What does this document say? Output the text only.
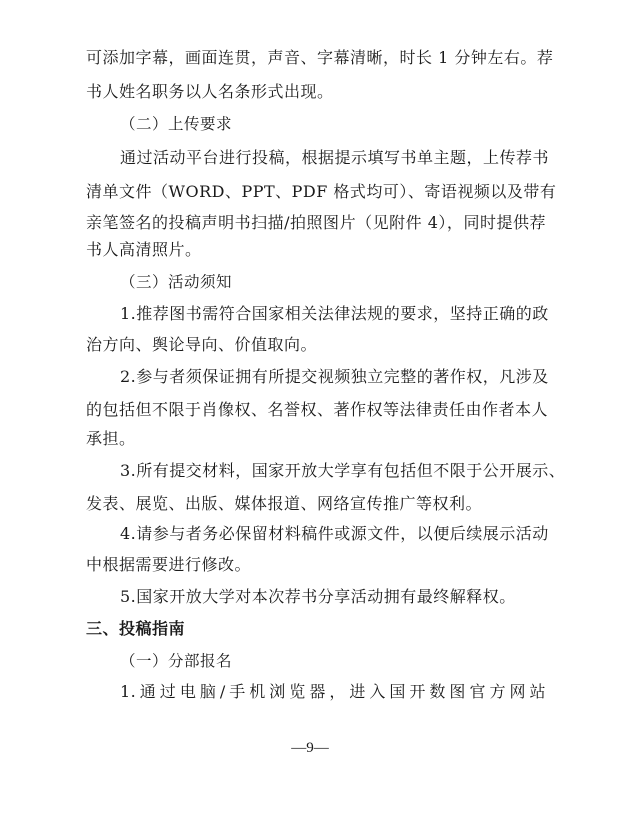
可添加字幕，画面连贯，声音、字幕清晰，时长 1 分钟左右。荐
书人姓名职务以人名条形式出现。
（二）上传要求
通过活动平台进行投稿，根据提示填写书单主题，上传荐书
清单文件（WORD、PPT、PDF 格式均可）、寄语视频以及带有
亲笔签名的投稿声明书扫描/拍照图片（见附件 4），同时提供荐
书人高清照片。
（三）活动须知
1.推荐图书需符合国家相关法律法规的要求，坚持正确的政
治方向、舆论导向、价值取向。
2.参与者须保证拥有所提交视频独立完整的著作权，凡涉及
的包括但不限于肖像权、名誉权、著作权等法律责任由作者本人
承担。
3.所有提交材料，国家开放大学享有包括但不限于公开展示、
发表、展览、出版、媒体报道、网络宣传推广等权利。
4.请参与者务必保留材料稿件或源文件，以便后续展示活动
中根据需要进行修改。
5.国家开放大学对本次荐书分享活动拥有最终解释权。
三、投稿指南
（一）分部报名
1.通过电脑/手机浏览器，进入国开数图官方网站
—9—
